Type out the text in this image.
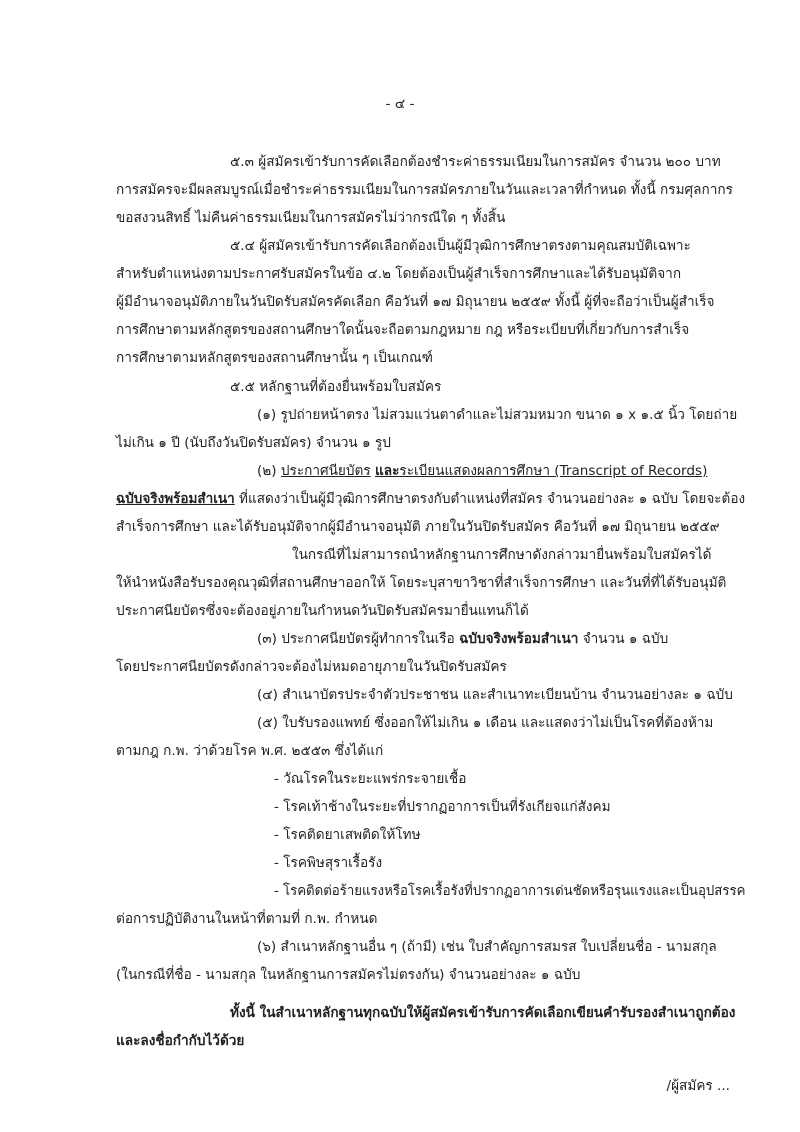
- ๔ -
๕.๓ ผู้สมัครเข้ารับการคัดเลือกต้องชำระค่าธรรมเนียมในการสมัคร จำนวน ๒๐๐ บาท
การสมัครจะมีผลสมบูรณ์เมื่อชำระค่าธรรมเนียมในการสมัครภายในวันและเวลาที่กำหนด ทั้งนี้ กรมศุลกากร
ขอสงวนสิทธิ์ ไม่คืนค่าธรรมเนียมในการสมัครไม่ว่ากรณีใด ๆ ทั้งสิ้น
๕.๔ ผู้สมัครเข้ารับการคัดเลือกต้องเป็นผู้มีวุฒิการศึกษาตรงตามคุณสมบัติเฉพาะ
สำหรับตำแหน่งตามประกาศรับสมัครในข้อ ๔.๒ โดยต้องเป็นผู้สำเร็จการศึกษาและได้รับอนุมัติจาก
ผู้มีอำนาจอนุมัติภายในวันปิดรับสมัครคัดเลือก คือวันที่ ๑๗ มิถุนายน ๒๕๕๙ ทั้งนี้ ผู้ที่จะถือว่าเป็นผู้สำเร็จ
การศึกษาตามหลักสูตรของสถานศึกษาใดนั้นจะถือตามกฎหมาย กฎ หรือระเบียบที่เกี่ยวกับการสำเร็จ
การศึกษาตามหลักสูตรของสถานศึกษานั้น ๆ เป็นเกณฑ์
๕.๕ หลักฐานที่ต้องยื่นพร้อมใบสมัคร
(๑) รูปถ่ายหน้าตรง ไม่สวมแว่นตาดำและไม่สวมหมวก ขนาด ๑ x ๑.๕ นิ้ว โดยถ่าย
ไม่เกิน ๑ ปี (นับถึงวันปิดรับสมัคร) จำนวน ๑ รูป
(๒) ประกาศนียบัตร และระเบียนแสดงผลการศึกษา (Transcript of Records)
ฉบับจริงพร้อมสำเนา ที่แสดงว่าเป็นผู้มีวุฒิการศึกษาตรงกับตำแหน่งที่สมัคร จำนวนอย่างละ ๑ ฉบับ โดยจะต้อง
สำเร็จการศึกษา และได้รับอนุมัติจากผู้มีอำนาจอนุมัติ ภายในวันปิดรับสมัคร คือวันที่ ๑๗ มิถุนายน ๒๕๕๙
ในกรณีที่ไม่สามารถนำหลักฐานการศึกษาดังกล่าวมายื่นพร้อมใบสมัครได้
ให้นำหนังสือรับรองคุณวุฒิที่สถานศึกษาออกให้ โดยระบุสาขาวิชาที่สำเร็จการศึกษา และวันที่ที่ได้รับอนุมัติ
ประกาศนียบัตรซึ่งจะต้องอยู่ภายในกำหนดวันปิดรับสมัครมายื่นแทนก็ได้
(๓) ประกาศนียบัตรผู้ทำการในเรือ ฉบับจริงพร้อมสำเนา จำนวน ๑ ฉบับ
โดยประกาศนียบัตรดังกล่าวจะต้องไม่หมดอายุภายในวันปิดรับสมัคร
(๔) สำเนาบัตรประจำตัวประชาชน และสำเนาทะเบียนบ้าน จำนวนอย่างละ ๑ ฉบับ
(๕) ใบรับรองแพทย์ ซึ่งออกให้ไม่เกิน ๑ เดือน และแสดงว่าไม่เป็นโรคที่ต้องห้าม
ตามกฎ ก.พ. ว่าด้วยโรค พ.ศ. ๒๕๕๓ ซึ่งได้แก่
- วัณโรคในระยะแพร่กระจายเชื้อ
- โรคเท้าช้างในระยะที่ปรากฏอาการเป็นที่รังเกียจแก่สังคม
- โรคติดยาเสพติดให้โทษ
- โรคพิษสุราเรื้อรัง
- โรคติดต่อร้ายแรงหรือโรคเรื้อรังที่ปรากฏอาการเด่นชัดหรือรุนแรงและเป็นอุปสรรค
ต่อการปฏิบัติงานในหน้าที่ตามที่ ก.พ. กำหนด
(๖) สำเนาหลักฐานอื่น ๆ (ถ้ามี) เช่น ใบสำคัญการสมรส ใบเปลี่ยนชื่อ - นามสกุล
(ในกรณีที่ชื่อ - นามสกุล ในหลักฐานการสมัครไม่ตรงกัน) จำนวนอย่างละ ๑ ฉบับ
ทั้งนี้ ในสำเนาหลักฐานทุกฉบับให้ผู้สมัครเข้ารับการคัดเลือกเขียนคำรับรองสำเนาถูกต้อง
และลงชื่อกำกับไว้ด้วย
/ผู้สมัคร ...
